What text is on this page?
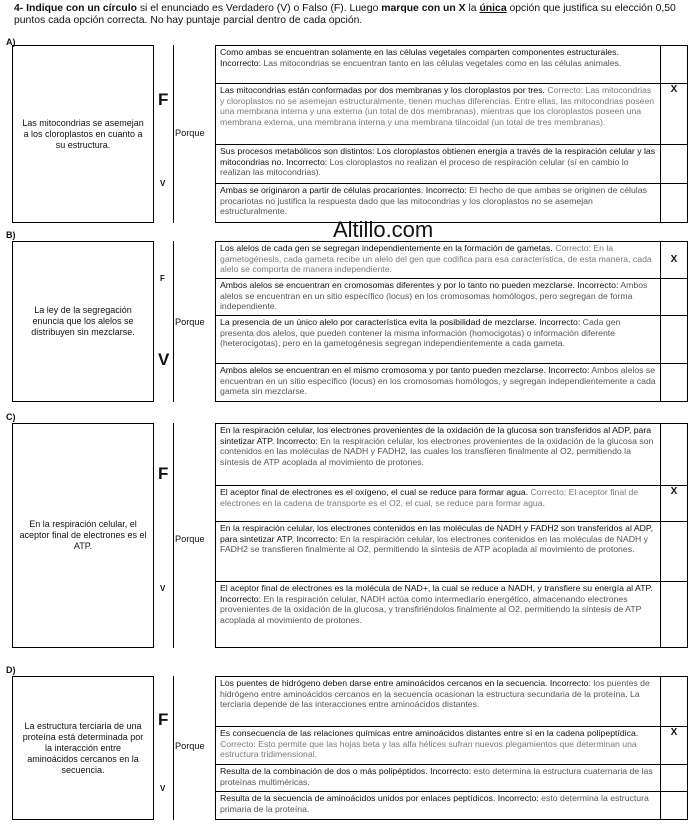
4- Indique con un círculo si el enunciado es Verdadero (V) o Falso (F). Luego marque con un X la única opción que justifica su elección 0,50 puntos cada opción correcta. No hay puntaje parcial dentro de cada opción.
Altillo.com
A)
Las mitocondrias se asemejan a los cloroplastos en cuanto a su estructura.
F
V
Porque
Como ambas se encuentran solamente en las células vegetales comparten componentes estructurales. Incorrecto: Las mitocondrias se encuentran tanto en las células vegetales como en las células animales.
Las mitocondrias están conformadas por dos membranas y los cloroplastos por tres. Correcto: Las mitocondrias y cloroplastos no se asemejan estructuralmente, tienen muchas diferencias. Entre ellas, las mitocondrias poseen una membrana interna y una externa (un total de dos membranas), mientras que los cloroplastos poseen una membrana externa, una membrana interna y una membrana tilacoidal (un total de tres membranas).
X
Sus procesos metabólicos son distintos: Los cloroplastos obtienen energía a través de la respiración celular y las mitocondrias no. Incorrecto: Los cloroplastos no realizan el proceso de respiración celular (sí en cambio lo realizan las mitocondrias).
Ambas se originaron a partir de células procariontes. Incorrecto: El hecho de que ambas se originen de células procariotas no justifica la respuesta dado que las mitocondrias y los cloroplastos no se asemejan estructuralmente.
B)
La ley de la segregación enuncia que los alelos se distribuyen sin mezclarse.
F
V
Porque
Los alelos de cada gen se segregan independientemente en la formación de gametas. Correcto: En la gametogénesis, cada gameta recibe un alelo del gen que codifica para esa característica, de esta manera, cada alelo se comporta de manera independiente.
X
Ambos alelos se encuentran en cromosomas diferentes y por lo tanto no pueden mezclarse. Incorrecto: Ambos alelos se encuentran en un sitio específico (locus) en los cromosomas homólogos, pero segregan de forma independiente.
La presencia de un único alelo por característica evita la posibilidad de mezclarse. Incorrecto: Cada gen presenta dos alelos, que pueden contener la misma información (homocigotas) o información diferente (heterocigotas), pero en la gametogénesis segregan independientemente a cada gameta.
Ambos alelos se encuentran en el mismo cromosoma y por tanto pueden mezclarse. Incorrecto: Ambos alelos se encuentran en un sitio específico (locus) en los cromosomas homólogos, y segregan independientemente a cada gameta sin mezclarse.
C)
En la respiración celular, el aceptor final de electrones es el ATP.
F
V
Porque
En la respiración celular, los electrones provenientes de la oxidación de la glucosa son transferidos al ADP, para sintetizar ATP. Incorrecto: En la respiración celular, los electrones provenientes de la oxidación de la glucosa son contenidos en las moléculas de NADH y FADH2, las cuales los transfieren finalmente al O2, permitiendo la síntesis de ATP acoplada al movimiento de protones.
El aceptor final de electrones es el oxígeno, el cual se reduce para formar agua. Correcto: El aceptor final de electrones en la cadena de transporte es el O2, el cual, se reduce para formar agua.
X
En la respiración celular, los electrones contenidos en las moléculas de NADH y FADH2 son transferidos al ADP, para sintetizar ATP. Incorrecto: En la respiración celular, los electrones contenidos en las moléculas de NADH y FADH2 se transfieren finalmente al O2, permitiendo la síntesis de ATP acoplada al movimiento de protones.
El aceptor final de electrones es la molécula de NAD+, la cual se reduce a NADH, y transfiere su energía al ATP. Incorrecto: En la respiración celular, NADH actúa como intermediario energético, almacenando electrones provenientes de la oxidación de la glucosa, y transfiriéndolos finalmente al O2, permitiendo la síntesis de ATP acoplada al movimiento de protones.
D)
La estructura terciaria de una proteína está determinada por la interacción entre aminoácidos cercanos en la secuencia.
F
V
Porque
Los puentes de hidrógeno deben darse entre aminoácidos cercanos en la secuencia. Incorrecto: los puentes de hidrógeno entre aminoácidos cercanos en la secuencia ocasionan la estructura secundaria de la proteína. La terciaria depende de las interacciones entre aminoácidos distantes.
Es consecuencia de las relaciones químicas entre aminoácidos distantes entre sí en la cadena polipeptídica. Correcto: Esto permite que las hojas beta y las alfa hélices sufran nuevos plegamientos que determinan una estructura tridimensional.
X
Resulta de la combinación de dos o más polipéptidos. Incorrecto: esto determina la estructura cuaternaria de las proteínas multiméricas.
Resulta de la secuencia de aminoácidos unidos por enlaces peptídicos. Incorrecto: esto determina la estructura primaria de la proteína.
